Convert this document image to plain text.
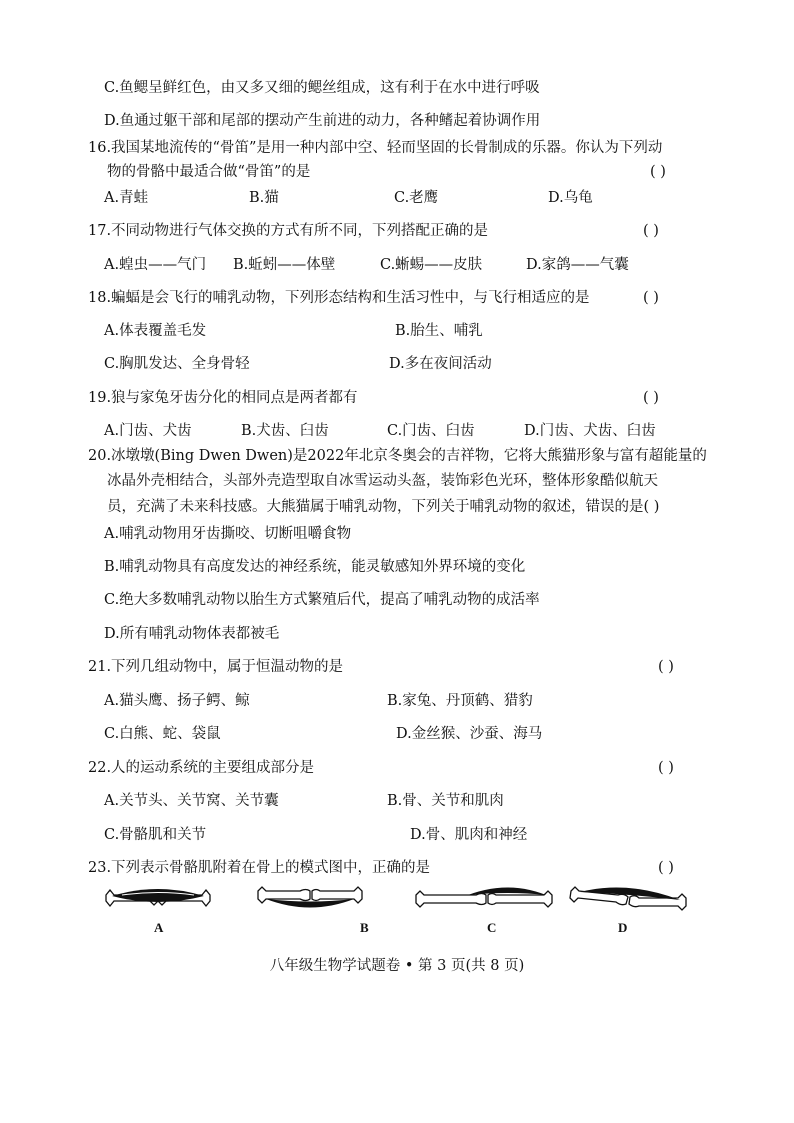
C.鱼鳃呈鲜红色，由又多又细的鳃丝组成，这有利于在水中进行呼吸
D.鱼通过躯干部和尾部的摆动产生前进的动力，各种鳍起着协调作用
16.我国某地流传的“骨笛”是用一种内部中空、轻而坚固的长骨制成的乐器。你认为下列动
物的骨骼中最适合做“骨笛”的是	( )
A.青蛙	B.猫	C.老鹰	D.乌龟
17.不同动物进行气体交换的方式有所不同，下列搭配正确的是	( )
A.蝗虫——气门 B.蚯蚓——体壁	C.蜥蜴——皮肤	D.家鸽——气囊
18.蝙蝠是会飞行的哺乳动物，下列形态结构和生活习性中，与飞行相适应的是	( )
A.体表覆盖毛发	B.胎生、哺乳
C.胸肌发达、全身骨轻	D.多在夜间活动
19.狼与家兔牙齿分化的相同点是两者都有	( )
A.门齿、犬齿	B.犬齿、臼齿	C.门齿、臼齿	D.门齿、犬齿、臼齿
20.冰墩墩(Bing Dwen Dwen)是2022年北京冬奥会的吉祥物，它将大熊猫形象与富有超能量的
冰晶外壳相结合，头部外壳造型取自冰雪运动头盔，装饰彩色光环，整体形象酷似航天
员，充满了未来科技感。大熊猫属于哺乳动物，下列关于哺乳动物的叙述，错误的是( )
A.哺乳动物用牙齿撕咬、切断咀嚼食物
B.哺乳动物具有高度发达的神经系统，能灵敏感知外界环境的变化
C.绝大多数哺乳动物以胎生方式繁殖后代，提高了哺乳动物的成活率
D.所有哺乳动物体表都被毛
21.下列几组动物中，属于恒温动物的是	( )
A.猫头鹰、扬子鳄、鲸	B.家兔、丹顶鹤、猎豹
C.白熊、蛇、袋鼠	D.金丝猴、沙蚕、海马
22.人的运动系统的主要组成部分是	( )
A.关节头、关节窝、关节囊	B.骨、关节和肌肉
C.骨骼肌和关节	D.骨、肌肉和神经
23.下列表示骨骼肌附着在骨上的模式图中，正确的是	( )
A	B	C	D
八年级生物学试题卷 • 第 3 页(共 8 页)
